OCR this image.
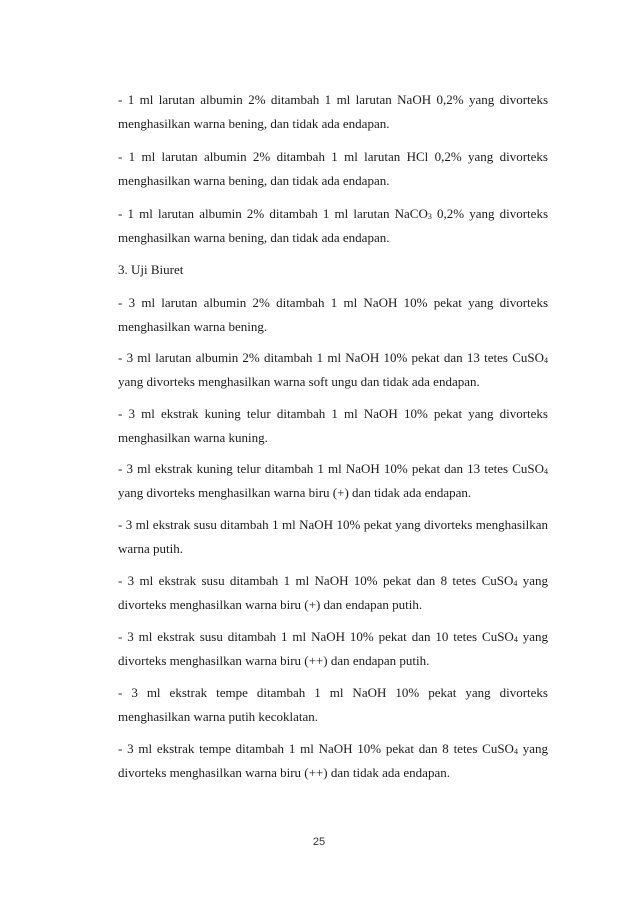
- 1 ml larutan albumin 2% ditambah 1 ml larutan NaOH 0,2% yang divorteks
menghasilkan warna bening, dan tidak ada endapan.

- 1 ml larutan albumin 2% ditambah 1 ml larutan HCl 0,2% yang divorteks
menghasilkan warna bening, dan tidak ada endapan.

- 1 ml larutan albumin 2% ditambah 1 ml larutan NaCO$_3$ 0,2% yang divorteks
menghasilkan warna bening, dan tidak ada endapan.

3. Uji Biuret

- 3 ml larutan albumin 2% ditambah 1 ml NaOH 10% pekat yang divorteks
menghasilkan warna bening.

- 3 ml larutan albumin 2% ditambah 1 ml NaOH 10% pekat dan 13 tetes CuSO$_4$
yang divorteks menghasilkan warna soft ungu dan tidak ada endapan.

- 3 ml ekstrak kuning telur ditambah 1 ml NaOH 10% pekat yang divorteks
menghasilkan warna kuning.

- 3 ml ekstrak kuning telur ditambah 1 ml NaOH 10% pekat dan 13 tetes CuSO$_4$
yang divorteks menghasilkan warna biru (+) dan tidak ada endapan.

- 3 ml ekstrak susu ditambah 1 ml NaOH 10% pekat yang divorteks menghasilkan
warna putih.

- 3 ml ekstrak susu ditambah 1 ml NaOH 10% pekat dan 8 tetes CuSO$_4$ yang
divorteks menghasilkan warna biru (+) dan endapan putih.

- 3 ml ekstrak susu ditambah 1 ml NaOH 10% pekat dan 10 tetes CuSO$_4$ yang
divorteks menghasilkan warna biru (++) dan endapan putih.

- 3 ml ekstrak tempe ditambah 1 ml NaOH 10% pekat yang divorteks
menghasilkan warna putih kecoklatan.

- 3 ml ekstrak tempe ditambah 1 ml NaOH 10% pekat dan 8 tetes CuSO$_4$ yang
divorteks menghasilkan warna biru (++) dan tidak ada endapan.

25
